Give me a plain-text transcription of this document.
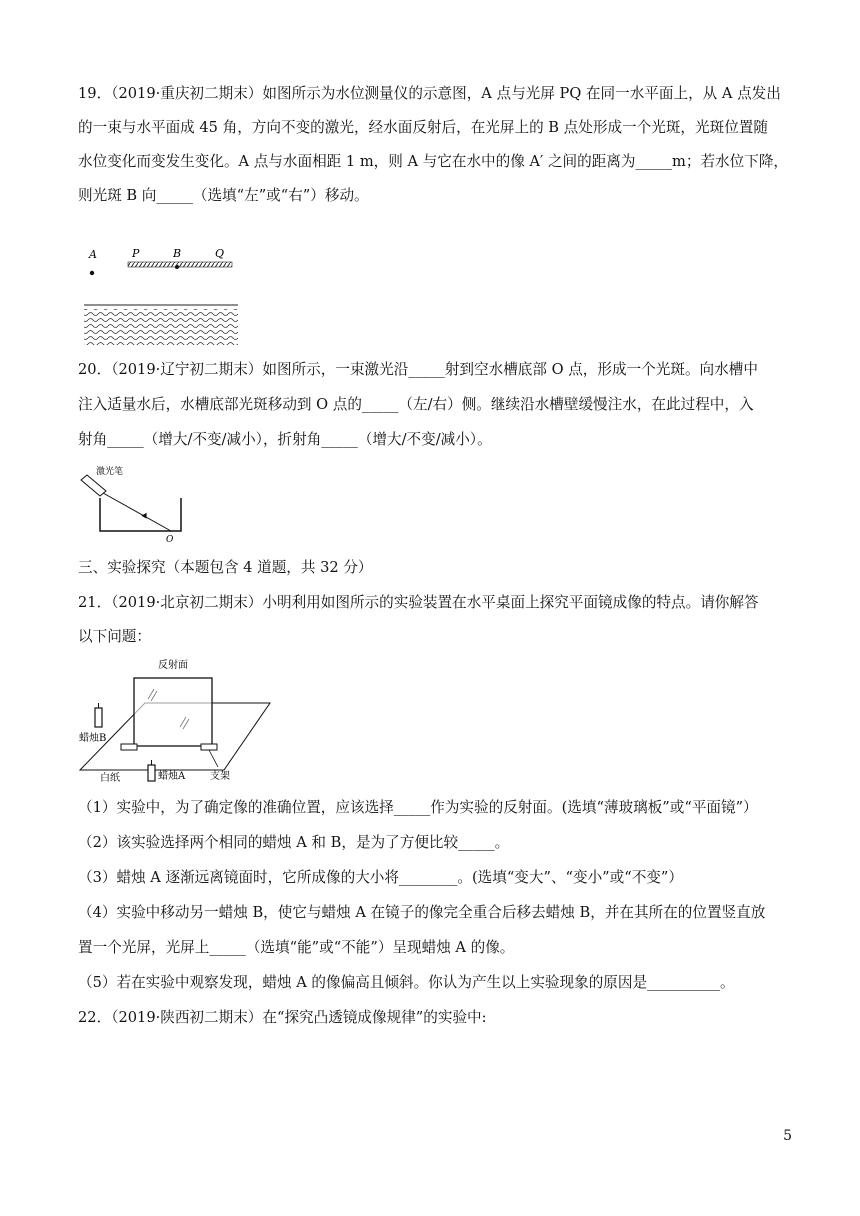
19．（2019·重庆初二期末）如图所示为水位测量仪的示意图，A 点与光屏 PQ 在同一水平面上，从 A 点发出
的一束与水平面成 45 角，方向不变的激光，经水面反射后，在光屏上的 B 点处形成一个光斑，光斑位置随
水位变化而变发生变化。A 点与水面相距 1 m，则 A 与它在水中的像 A′ 之间的距离为_____m；若水位下降，
则光斑 B 向_____（选填“左”或“右”）移动。
A	P	B	Q
20．（2019·辽宁初二期末）如图所示，一束激光沿_____射到空水槽底部 O 点，形成一个光斑。向水槽中
注入适量水后，水槽底部光斑移动到 O 点的_____（左/右）侧。继续沿水槽壁缓慢注水，在此过程中，入
射角_____（增大/不变/减小），折射角_____（增大/不变/减小）。
激光笔
O
三、实验探究（本题包含 4 道题，共 32 分）
21．（2019·北京初二期末）小明利用如图所示的实验装置在水平桌面上探究平面镜成像的特点。请你解答
以下问题：
反射面
蜡烛B
白纸	蜡烛A 支架
（1）实验中，为了确定像的准确位置，应该选择_____作为实验的反射面。(选填“薄玻璃板”或“平面镜”）
（2）该实验选择两个相同的蜡烛 A 和 B，是为了方便比较_____。
（3）蜡烛 A 逐渐远离镜面时，它所成像的大小将________。(选填“变大”、“变小”或“不变”）
（4）实验中移动另一蜡烛 B，使它与蜡烛 A 在镜子的像完全重合后移去蜡烛 B，并在其所在的位置竖直放
置一个光屏，光屏上_____（选填“能”或“不能”）呈现蜡烛 A 的像。
（5）若在实验中观察发现，蜡烛 A 的像偏高且倾斜。你认为产生以上实验现象的原因是__________。
22．（2019·陕西初二期末）在“探究凸透镜成像规律”的实验中:
5
